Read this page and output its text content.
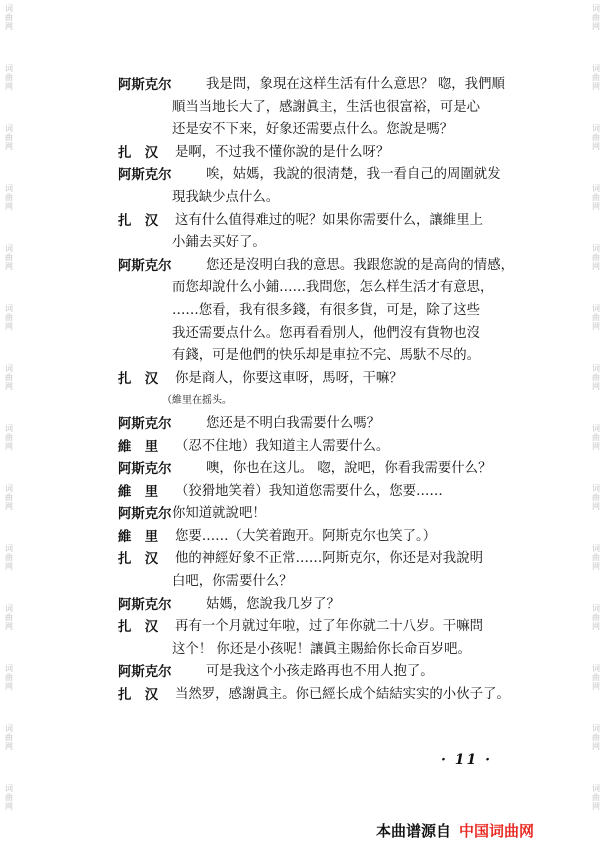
词
曲
网
词
曲
网
词
曲
网
词
曲
网
词
曲
网
词
曲
网
词
曲
网
词
曲
网
词
曲
网
词
曲
网
词
曲
网
词
曲
网
词
曲
网
词
曲
网
词
曲
网
词
曲
网
词
曲
网
词
曲
网
词
曲
网
词
曲
网
词
曲
网
词
曲
网
词
曲
网
词
曲
网
词
曲
网
词
曲
网
词
曲
网
词
曲
网
阿斯克尔	我是問，象現在这样生活有什么意思？ 唿，我們順
順当当地长大了，感謝眞主，生活也很富裕，可是心
还是安不下来，好象还需要点什么。您說是嗎？
扎　汉 是啊，不过我不懂你說的是什么呀？
阿斯克尔	唉，姑媽，我說的很淸楚，我一看自己的周圍就发
現我缺少点什么。
扎　汉 这有什么值得难过的呢？如果你需要什么，讓維里上
小鋪去买好了。
阿斯克尔	您还是沒明白我的意思。我跟您說的是高尙的情感，
而您却說什么小鋪……我問您，怎么样生活才有意思，
……您看，我有很多錢，有很多貨，可是，除了这些
我还需要点什么。您再看看別人，他們沒有貨物也沒
有錢，可是他們的快乐却是車拉不完、馬馱不尽的。
扎　汉 你是商人，你要这車呀，馬呀，干嘛？
（維里在摇头。
阿斯克尔	您还是不明白我需要什么嗎？
維　里 （忍不住地）我知道主人需要什么。
阿斯克尔	噢，你也在这儿。 唿，說吧，你看我需要什么？
維　里 （狡猾地笑着）我知道您需要什么，您要……
阿斯克尔 你知道就說吧！
維　里 您要……（大笑着跑开。阿斯克尔也笑了。）
扎　汉 他的神經好象不正常……阿斯克尔，你还是对我說明
白吧，你需要什么？
阿斯克尔	姑媽，您說我几岁了？
扎　汉 再有一个月就过年啦，过了年你就二十八岁。干嘛問
这个！ 你还是小孩呢！讓眞主賜給你长命百岁吧。
阿斯克尔	可是我这个小孩走路再也不用人抱了。
扎　汉 当然罗，感謝眞主。你已經长成个結結实实的小伙子了。
· 11 ·
本曲谱源自 中国词曲网
